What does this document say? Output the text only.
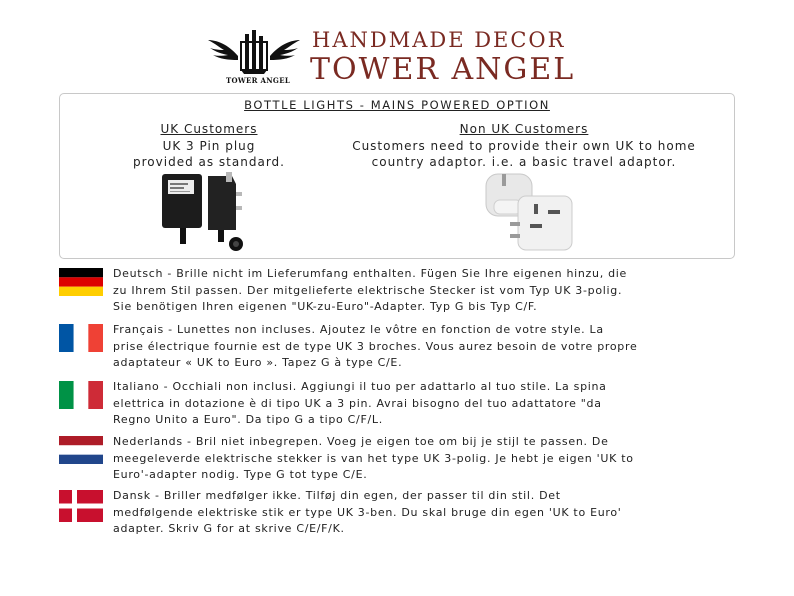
TOWER ANGEL
HANDMADE DECOR
TOWER ANGEL
BOTTLE LIGHTS - MAINS POWERED OPTION
UK Customers
UK 3 Pin plug
provided as standard.
Non UK Customers
Customers need to provide their own UK to home
country adaptor. i.e. a basic travel adaptor.
Deutsch - Brille nicht im Lieferumfang enthalten. Fügen Sie Ihre eigenen hinzu, die
zu Ihrem Stil passen. Der mitgelieferte elektrische Stecker ist vom Typ UK 3-polig.
Sie benötigen Ihren eigenen "UK-zu-Euro"-Adapter. Typ G bis Typ C/F.
Français - Lunettes non incluses. Ajoutez le vôtre en fonction de votre style. La
prise électrique fournie est de type UK 3 broches. Vous aurez besoin de votre propre
adaptateur « UK to Euro ». Tapez G à type C/E.
Italiano - Occhiali non inclusi. Aggiungi il tuo per adattarlo al tuo stile. La spina
elettrica in dotazione è di tipo UK a 3 pin. Avrai bisogno del tuo adattatore "da
Regno Unito a Euro". Da tipo G a tipo C/F/L.
Nederlands - Bril niet inbegrepen. Voeg je eigen toe om bij je stijl te passen. De
meegeleverde elektrische stekker is van het type UK 3-polig. Je hebt je eigen 'UK to
Euro'-adapter nodig. Type G tot type C/E.
Dansk - Briller medfølger ikke. Tilføj din egen, der passer til din stil. Det
medfølgende elektriske stik er type UK 3-ben. Du skal bruge din egen 'UK to Euro'
adapter. Skriv G for at skrive C/E/F/K.
